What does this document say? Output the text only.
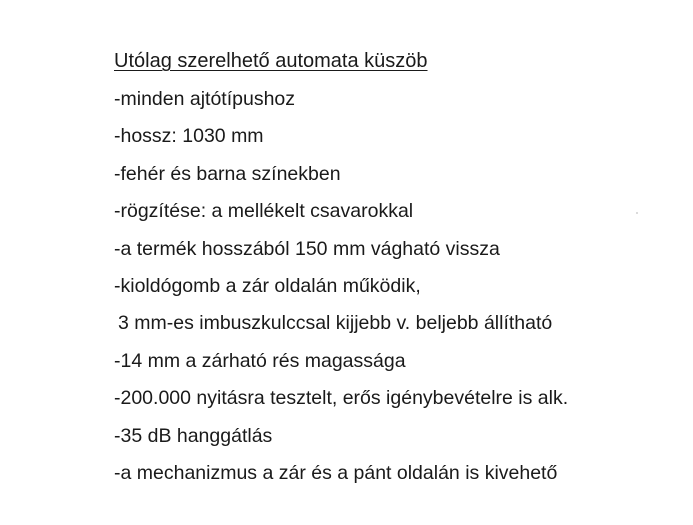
Utólag szerelhető automata küszöb
-minden ajtótípushoz
-hossz: 1030 mm
-fehér és barna színekben
-rögzítése: a mellékelt csavarokkal
-a termék hosszából 150 mm vágható vissza
-kioldógomb a zár oldalán működik,
3 mm-es imbuszkulccsal kijjebb v. beljebb állítható
-14 mm a zárható rés magassága
-200.000 nyitásra tesztelt, erős igénybevételre is alk.
-35 dB hanggátlás
-a mechanizmus a zár és a pánt oldalán is kivehető
